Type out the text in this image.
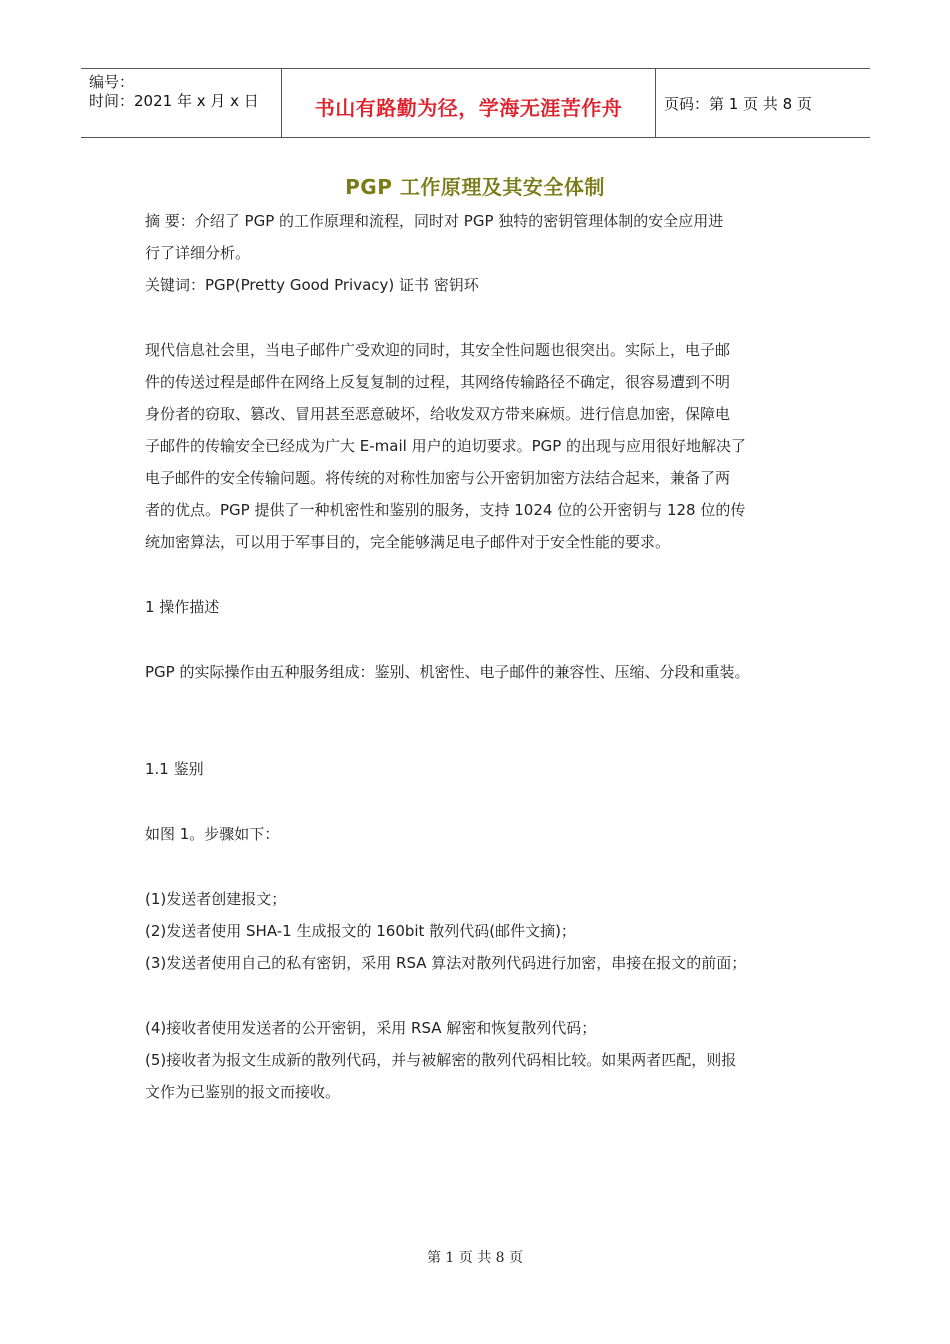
编号：
时间：2021 年 x 月 x 日	书山有路勤为径，学海无涯苦作舟	页码：第 1 页 共 8 页
PGP 工作原理及其安全体制
摘 要：介绍了 PGP 的工作原理和流程，同时对 PGP 独特的密钥管理体制的安全应用进
行了详细分析。
关键词：PGP(Pretty Good Privacy) 证书 密钥环
现代信息社会里，当电子邮件广受欢迎的同时，其安全性问题也很突出。实际上，电子邮
件的传送过程是邮件在网络上反复复制的过程，其网络传输路径不确定，很容易遭到不明
身份者的窃取、篡改、冒用甚至恶意破坏，给收发双方带来麻烦。进行信息加密，保障电
子邮件的传输安全已经成为广大 E-mail 用户的迫切要求。PGP 的出现与应用很好地解决了
电子邮件的安全传输问题。将传统的对称性加密与公开密钥加密方法结合起来，兼备了两
者的优点。PGP 提供了一种机密性和鉴别的服务，支持 1024 位的公开密钥与 128 位的传
统加密算法，可以用于军事目的，完全能够满足电子邮件对于安全性能的要求。
1 操作描述
PGP 的实际操作由五种服务组成：鉴别、机密性、电子邮件的兼容性、压缩、分段和重装。
1.1 鉴别
如图 1。步骤如下：
(1)发送者创建报文；
(2)发送者使用 SHA-1 生成报文的 160bit 散列代码(邮件文摘)；
(3)发送者使用自己的私有密钥，采用 RSA 算法对散列代码进行加密，串接在报文的前面；
(4)接收者使用发送者的公开密钥，采用 RSA 解密和恢复散列代码；
(5)接收者为报文生成新的散列代码，并与被解密的散列代码相比较。如果两者匹配，则报
文作为已鉴别的报文而接收。
第 1 页 共 8 页
